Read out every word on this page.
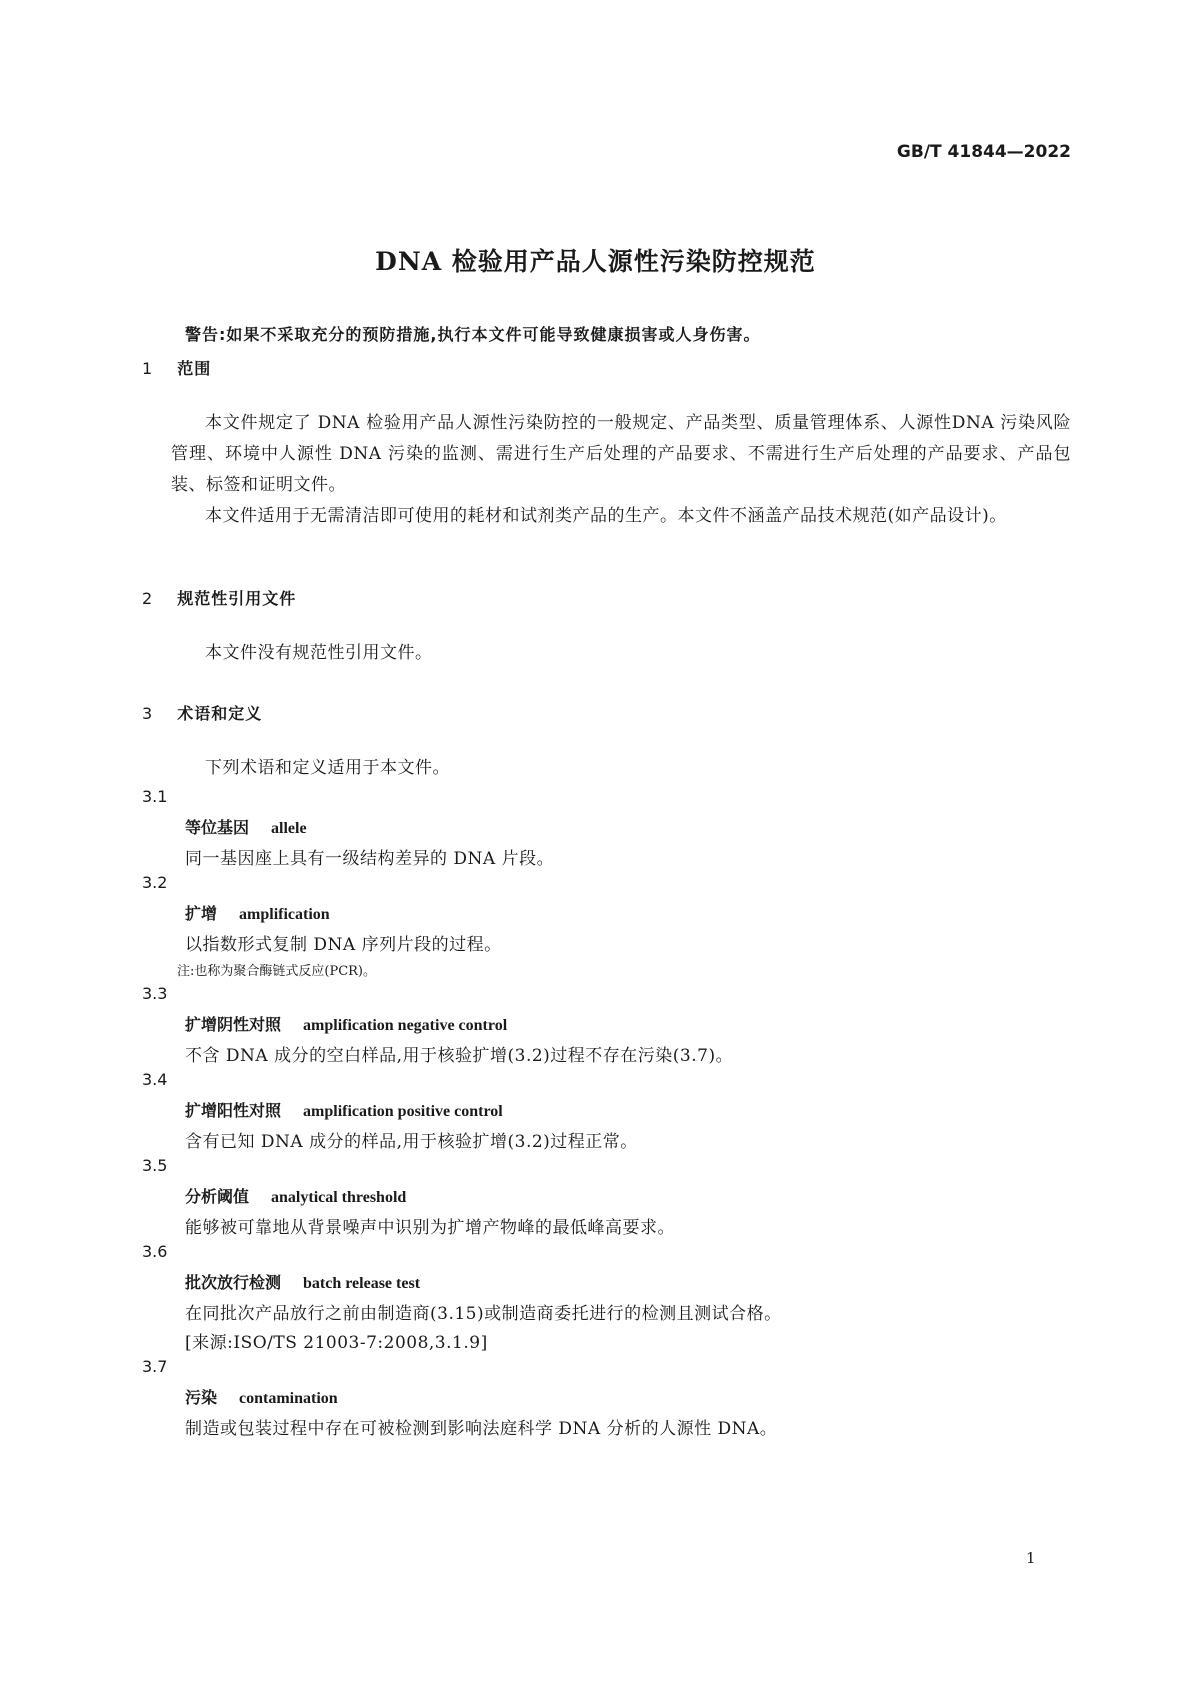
GB/T 41844—2022
DNA 检验用产品人源性污染防控规范
警告:如果不采取充分的预防措施,执行本文件可能导致健康损害或人身伤害。
1 范围
本文件规定了 DNA 检验用产品人源性污染防控的一般规定、产品类型、质量管理体系、人源性DNA 污染风险管理、环境中人源性 DNA 污染的监测、需进行生产后处理的产品要求、不需进行生产后处理的产品要求、产品包装、标签和证明文件。
本文件适用于无需清洁即可使用的耗材和试剂类产品的生产。本文件不涵盖产品技术规范(如产品设计)。
2 规范性引用文件
本文件没有规范性引用文件。
3 术语和定义
下列术语和定义适用于本文件。
3.1
等位基因 allele
同一基因座上具有一级结构差异的 DNA 片段。
3.2
扩增 amplification
以指数形式复制 DNA 序列片段的过程。
注:也称为聚合酶链式反应(PCR)。
3.3
扩增阴性对照 amplification negative control
不含 DNA 成分的空白样品,用于核验扩增(3.2)过程不存在污染(3.7)。
3.4
扩增阳性对照 amplification positive control
含有已知 DNA 成分的样品,用于核验扩增(3.2)过程正常。
3.5
分析阈值 analytical threshold
能够被可靠地从背景噪声中识别为扩增产物峰的最低峰高要求。
3.6
批次放行检测 batch release test
在同批次产品放行之前由制造商(3.15)或制造商委托进行的检测且测试合格。
[来源:ISO/TS 21003-7:2008,3.1.9]
3.7
污染 contamination
制造或包装过程中存在可被检测到影响法庭科学 DNA 分析的人源性 DNA。
1
